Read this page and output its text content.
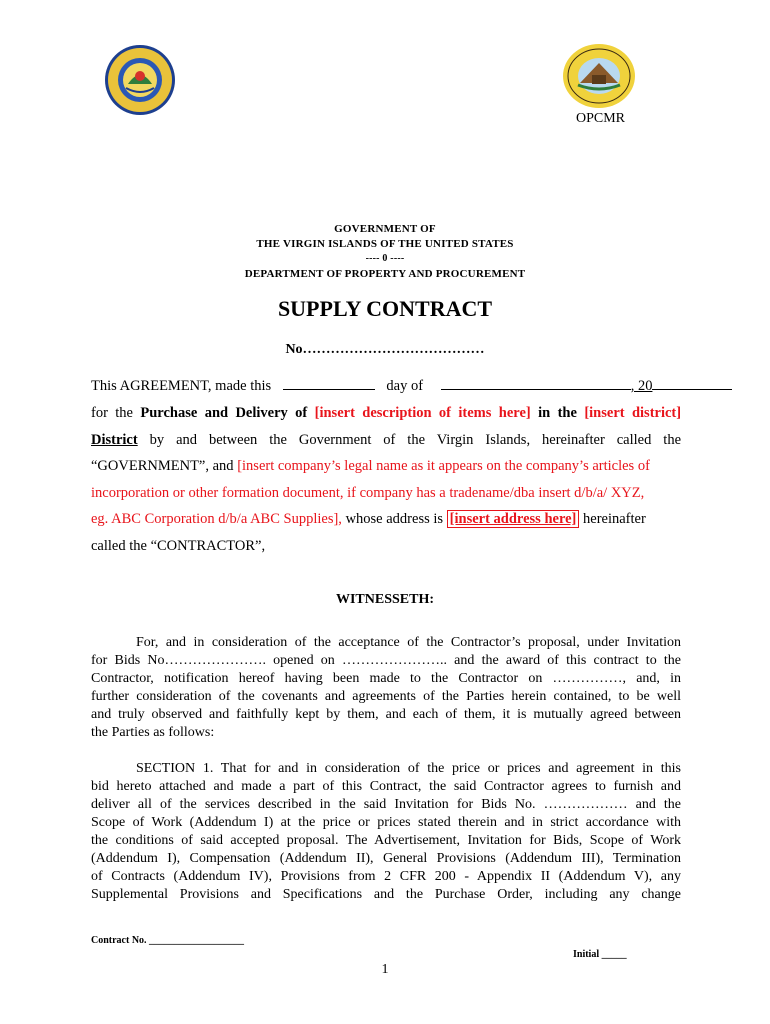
OPCMR
GOVERNMENT OF
THE VIRGIN ISLANDS OF THE UNITED STATES
---- 0 ----
DEPARTMENT OF PROPERTY AND PROCUREMENT
SUPPLY CONTRACT
No…………………………………
This AGREEMENT, made this	day of	, 20
for the Purchase and Delivery of [insert description of items here] in the [insert district]
District by and between the Government of the Virgin Islands, hereinafter called the
“GOVERNMENT”, and [insert company’s legal name as it appears on the company’s articles of
incorporation or other formation document, if company has a tradename/dba insert d/b/a/ XYZ,
eg. ABC Corporation d/b/a ABC Supplies], whose address is [insert address here] hereinafter
called the “CONTRACTOR”,
WITNESSETH:
For, and in consideration of the acceptance of the Contractor’s proposal, under Invitation
for Bids No…………………. opened on ………………….. and the award of this contract to the
Contractor, notification hereof having been made to the Contractor on ……………, and, in
further consideration of the covenants and agreements of the Parties herein contained, to be well
and truly observed and faithfully kept by them, and each of them, it is mutually agreed between
the Parties as follows:
SECTION 1. That for and in consideration of the price or prices and agreement in this
bid hereto attached and made a part of this Contract, the said Contractor agrees to furnish and
deliver all of the services described in the said Invitation for Bids No. ……………… and the
Scope of Work (Addendum I) at the price or prices stated therein and in strict accordance with
the conditions of said accepted proposal. The Advertisement, Invitation for Bids, Scope of Work
(Addendum I), Compensation (Addendum II), General Provisions (Addendum III), Termination
of Contracts (Addendum IV), Provisions from 2 CFR 200 - Appendix II (Addendum V), any
Supplemental Provisions and Specifications and the Purchase Order, including any change
Contract No. ___________________
Initial _____
1
